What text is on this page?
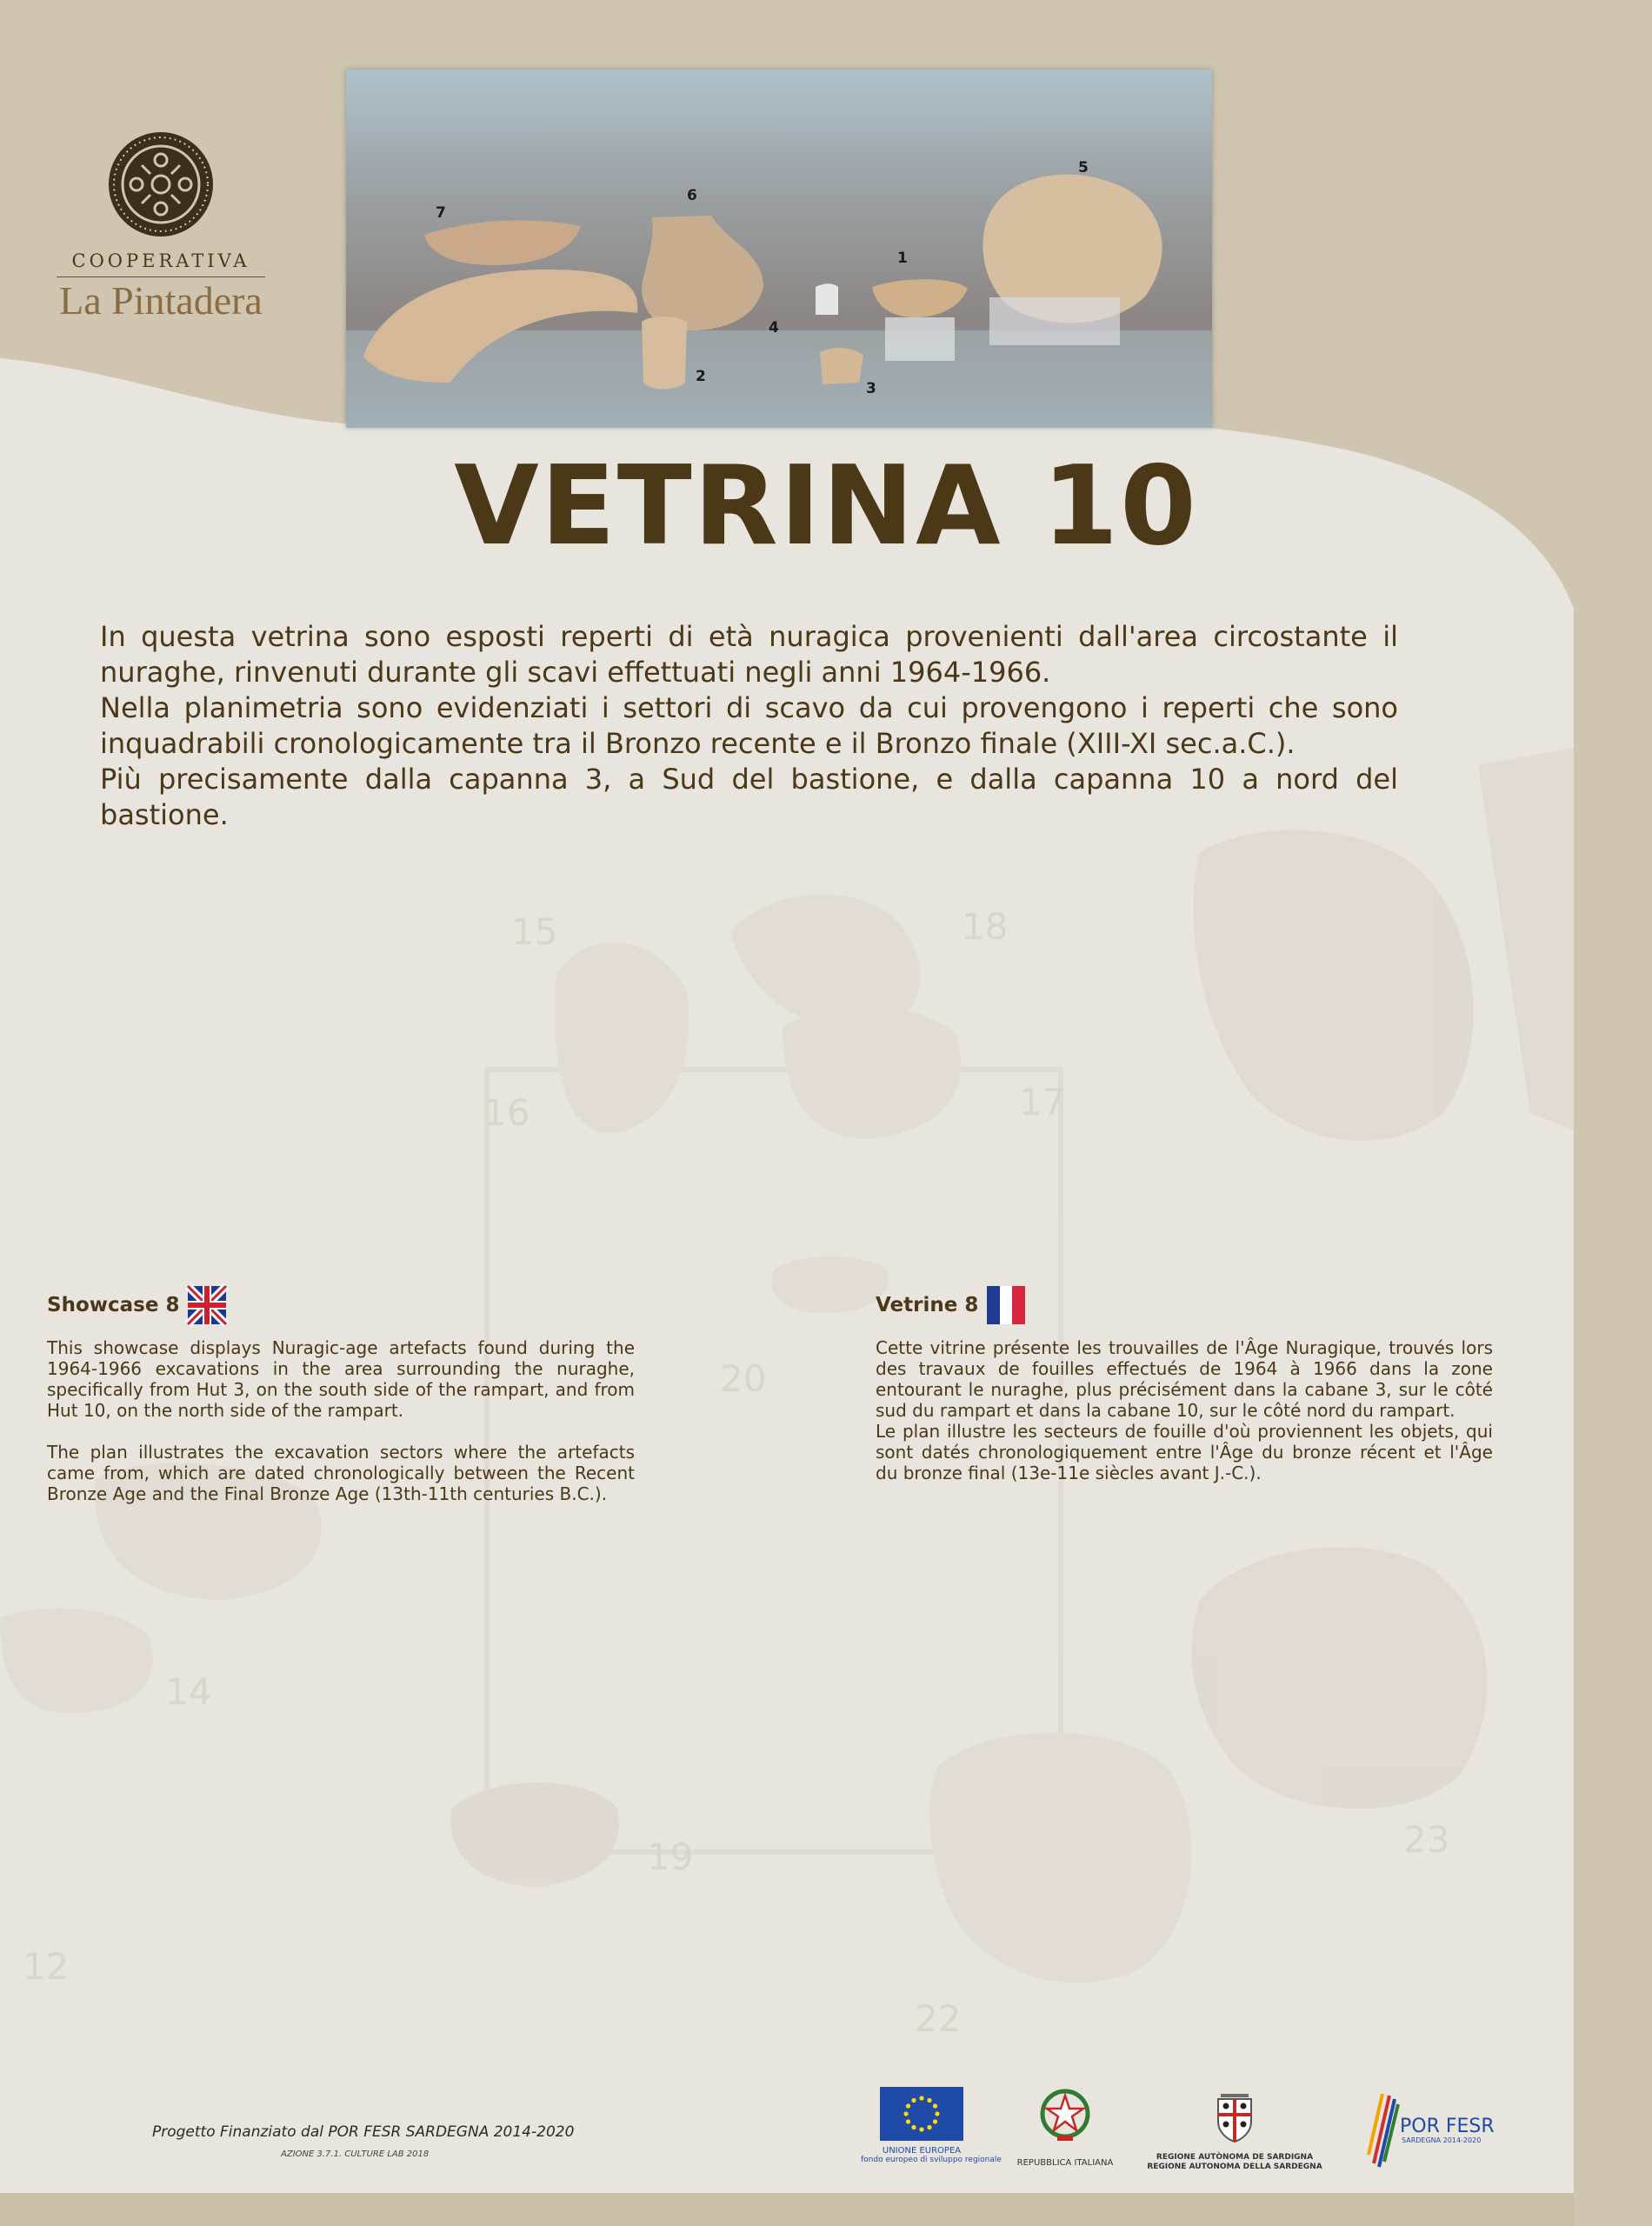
15	18
16	17
20
14
19	23
12
22
COOPERATIVA
La Pintadera
1
2
3
4
5
6
7
VETRINA 10

In questa vetrina sono esposti reperti di età nuragica provenienti dall'area circostante il nuraghe, rinvenuti durante gli scavi effettuati negli anni 1964-1966.

Nella planimetria sono evidenziati i settori di scavo da cui provengono i reperti che sono inquadrabili cronologicamente tra il Bronzo recente e il Bronzo finale (XIII-XI sec.a.C.).

Più precisamente dalla capanna 3, a Sud del bastione, e dalla capanna 10 a nord del bastione.

Showcase 8

This showcase displays Nuragic-age artefacts found during the 1964-1966 excavations in the area surrounding the nuraghe, specifically from Hut 3, on the south side of the rampart, and from Hut 10, on the north side of the rampart.

The plan illustrates the excavation sectors where the artefacts came from, which are dated chronologically between the Recent Bronze Age and the Final Bronze Age (13th-11th centuries B.C.).

Vetrine 8

Cette vitrine présente les trouvailles de l'Âge Nuragique, trouvés lors des travaux de fouilles effectués de 1964 à 1966 dans la zone entourant le nuraghe, plus précisément dans la cabane 3, sur le côté sud du rampart et dans la cabane 10, sur le côté nord du rampart.

Le plan illustre les secteurs de fouille d'où proviennent les objets, qui sont datés chronologiquement entre l'Âge du bronze récent et l'Âge du bronze final (13e-11e siècles avant J.-C.).

Progetto Finanziato dal POR FESR SARDEGNA 2014-2020
AZIONE 3.7.1. CULTURE LAB 2018	UNIONE EUROPEA
fondo europeo di sviluppo regionale	REPUBBLICA ITALIANA
REGIONE AUTÒNOMA DE SARDIGNA
REGIONE AUTONOMA DELLA SARDEGNA
POR FESR
SARDEGNA 2014-2020
